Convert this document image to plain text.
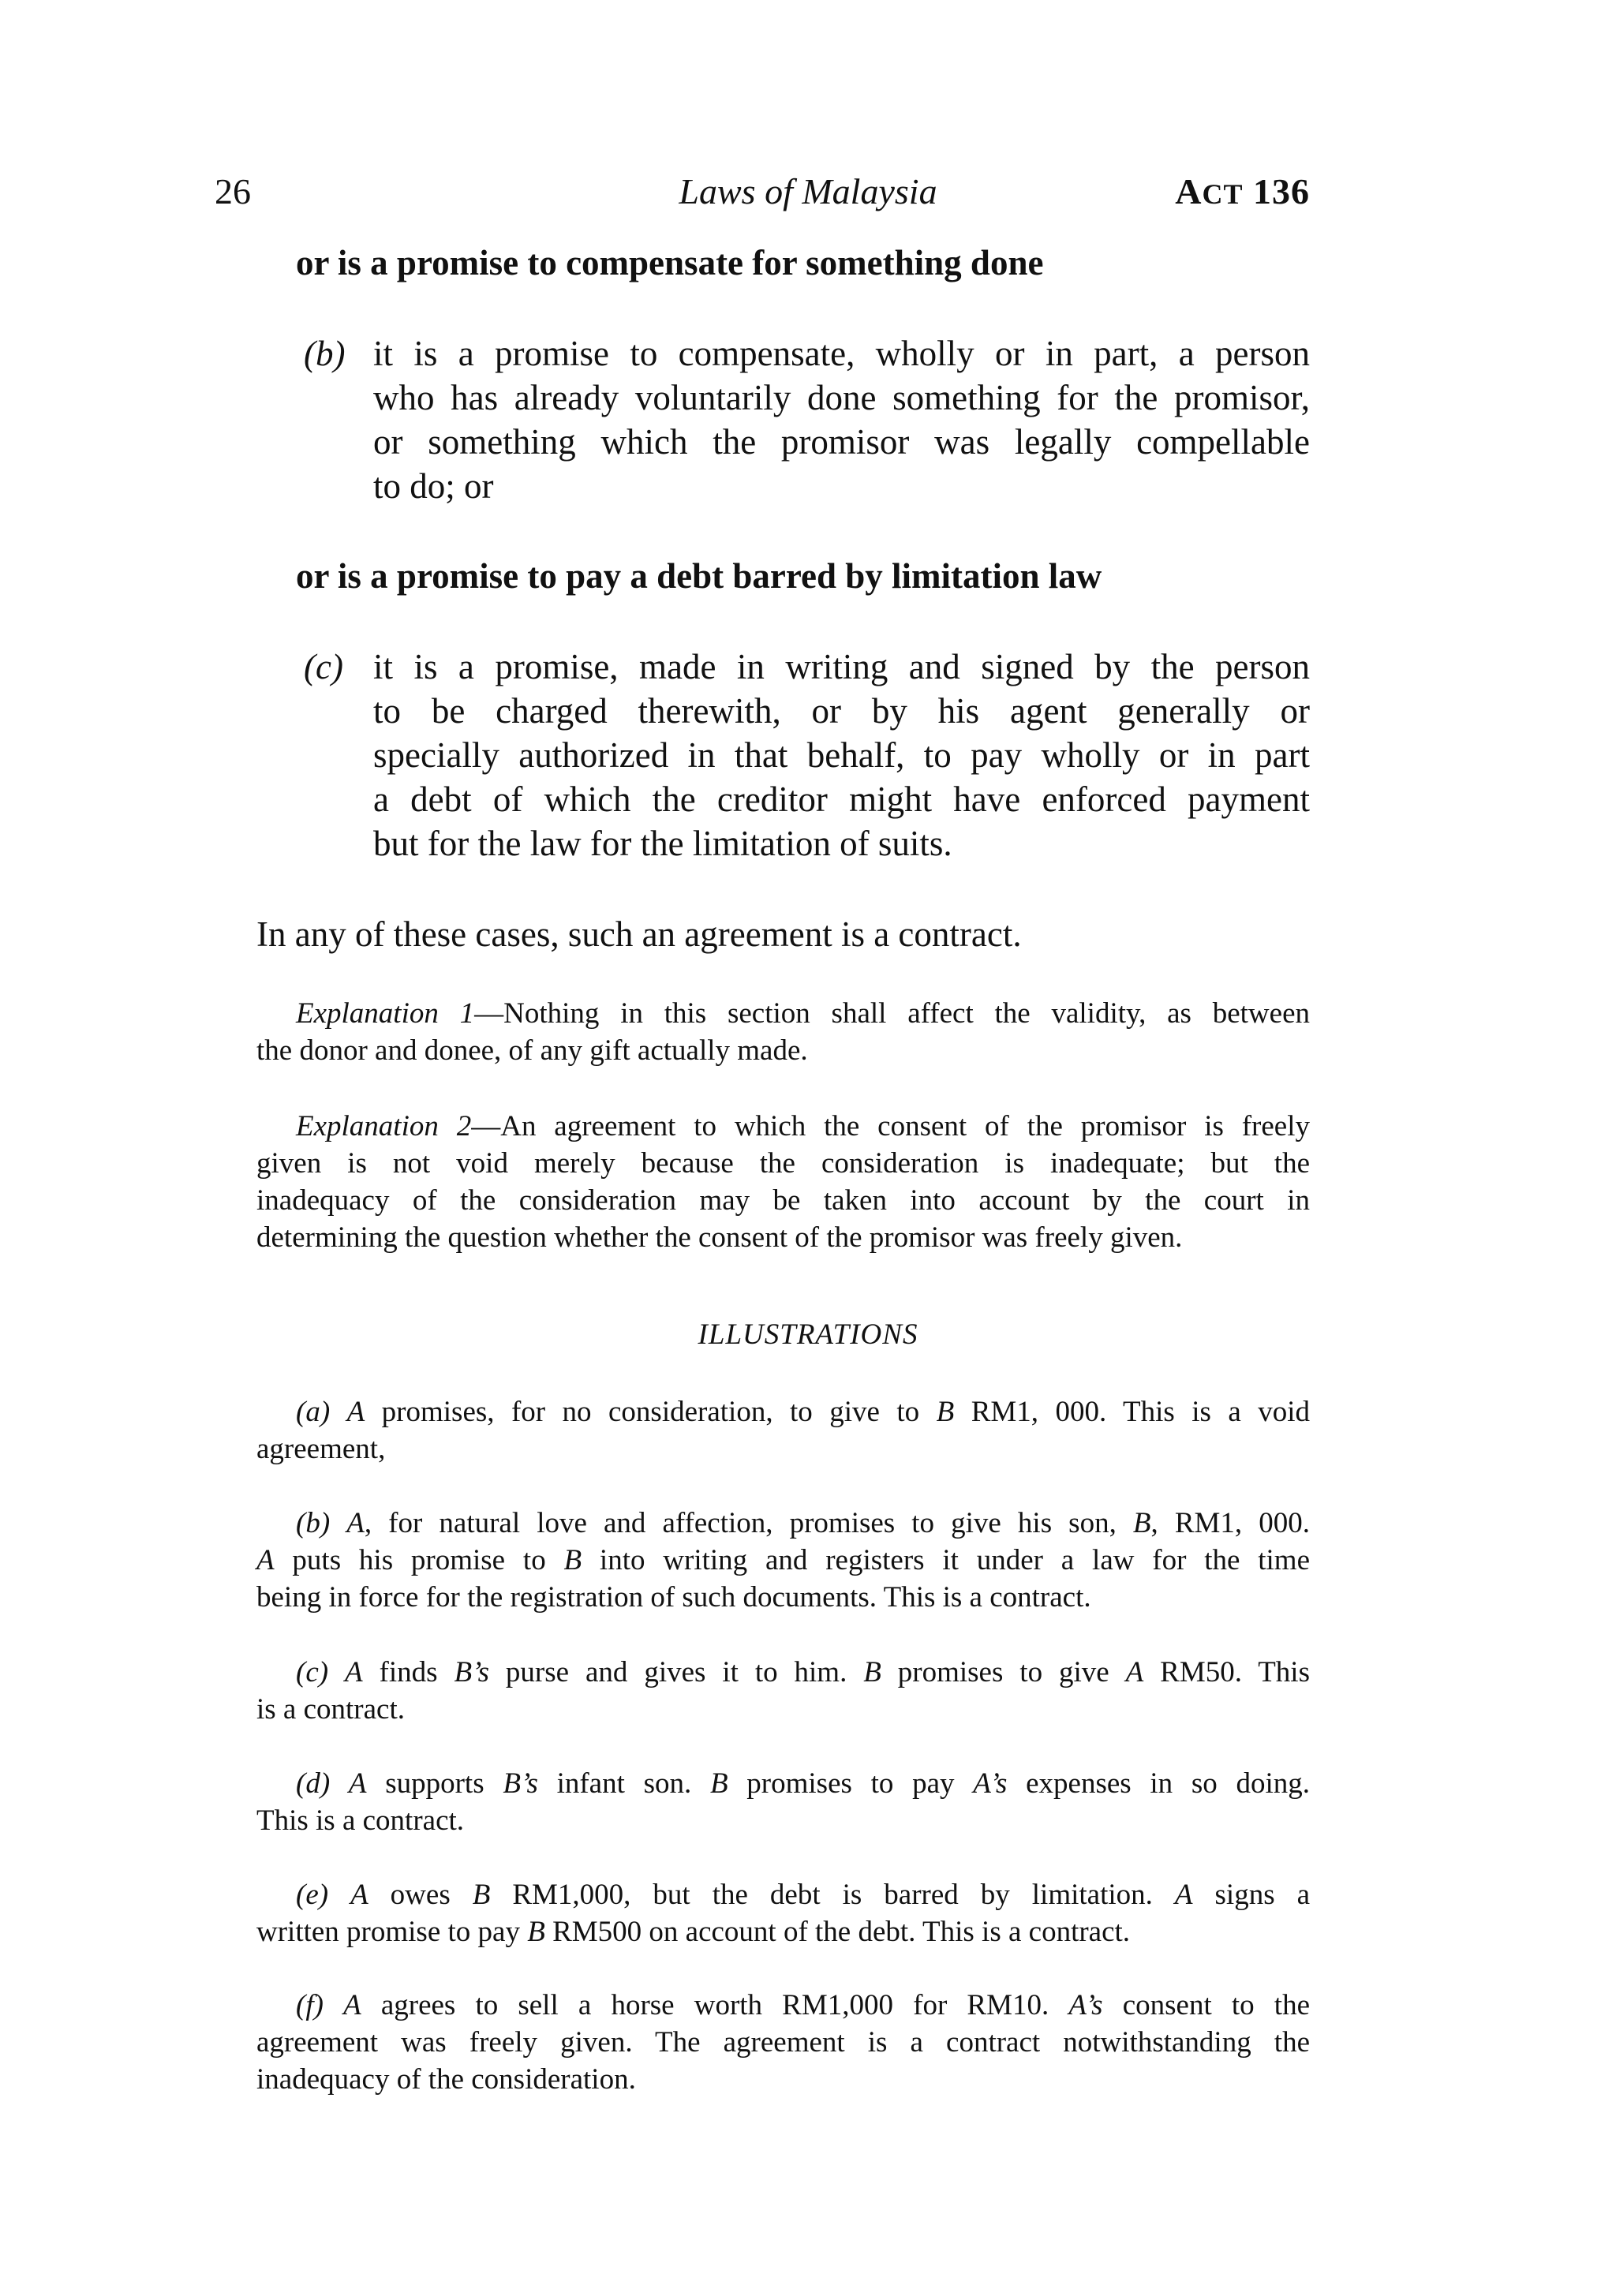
26	Laws of Malaysia	ACT 136
or is a promise to compensate for something done
(b) it is a promise to compensate, wholly or in part, a person
who has already voluntarily done something for the promisor,
or something which the promisor was legally compellable
to do; or
or is a promise to pay a debt barred by limitation law
(c) it is a promise, made in writing and signed by the person
to be charged therewith, or by his agent generally or
specially authorized in that behalf, to pay wholly or in part
a debt of which the creditor might have enforced payment
but for the law for the limitation of suits.
In any of these cases, such an agreement is a contract.
Explanation 1—Nothing in this section shall affect the validity, as between
the donor and donee, of any gift actually made.
Explanation 2—An agreement to which the consent of the promisor is freely
given is not void merely because the consideration is inadequate; but the
inadequacy of the consideration may be taken into account by the court in
determining the question whether the consent of the promisor was freely given.
ILLUSTRATIONS
(a) A promises, for no consideration, to give to B RM1, 000. This is a void
agreement,
(b) A, for natural love and affection, promises to give his son, B, RM1, 000.
A puts his promise to B into writing and registers it under a law for the time
being in force for the registration of such documents. This is a contract.
(c) A finds B’s purse and gives it to him. B promises to give A RM50. This
is a contract.
(d) A supports B’s infant son. B promises to pay A’s expenses in so doing.
This is a contract.
(e) A owes B RM1,000, but the debt is barred by limitation. A signs a
written promise to pay B RM500 on account of the debt. This is a contract.
(f) A agrees to sell a horse worth RM1,000 for RM10. A’s consent to the
agreement was freely given. The agreement is a contract notwithstanding the
inadequacy of the consideration.
